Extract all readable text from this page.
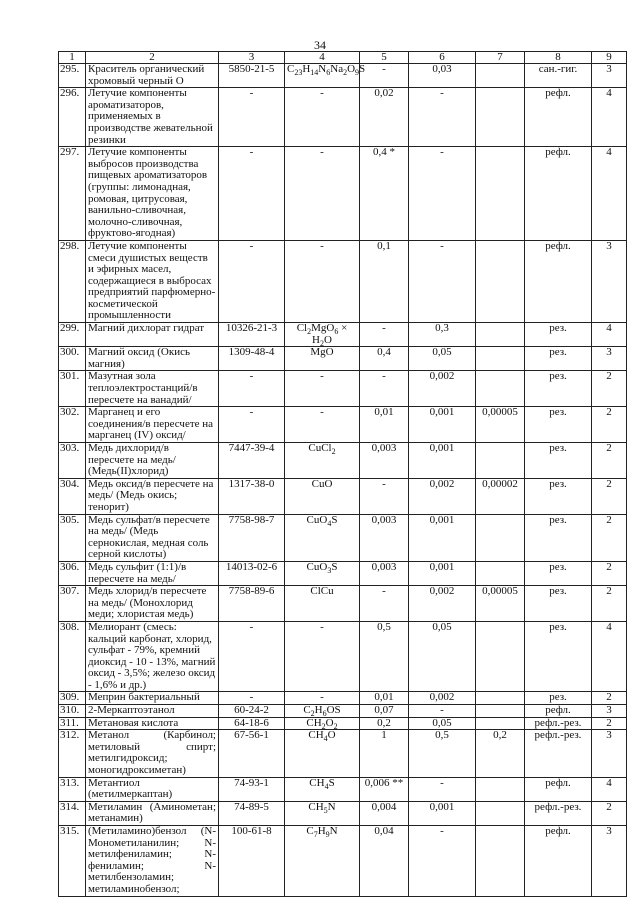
34
1	2	3	4	5	6	7	8	9
295.	Краситель органический хромовый черный О	5850-21-5	$C_{23}H_{14}N_6Na_2O_9S$	-	0,03		сан.-гиг.	3
296.	Летучие компоненты ароматизаторов, применяемых в производстве жевательной резинки	-	-	0,02	-		рефл.	4
297.	Летучие компоненты выбросов производства пищевых ароматизаторов (группы: лимонадная, ромовая, цитрусовая, ванильно-сливочная, молочно-сливочная, фруктово-ягодная)	-	-	0,4 *	-		рефл.	4
298.	Летучие компоненты смеси душистых веществ и эфирных масел, содержащиеся в выбросах предприятий парфюмерно-косметической промышленности	-	-	0,1	-		рефл.	3
299.	Магний дихлорат гидрат	10326-21-3	$Cl_2MgO_6 \times H_2O$	-	0,3		рез.	4
300.	Магний оксид (Окись магния)	1309-48-4	MgO	0,4	0,05		рез.	3
301.	Мазутная зола теплоэлектростанций/в пересчете на ванадий/	-	-	-	0,002		рез.	2
302.	Марганец и его соединения/в пересчете на марганец (IV) оксид/	-	-	0,01	0,001	0,00005	рез.	2
303.	Медь дихлорид/в пересчете на медь/ (Медь(II)хлорид)	7447-39-4	CuCl$_2$	0,003	0,001		рез.	2
304.	Медь оксид/в пересчете на медь/ (Медь окись; тенорит)	1317-38-0	CuO	-	0,002	0,00002	рез.	2
305.	Медь сульфат/в пересчете на медь/ (Медь сернокислая, медная соль серной кислоты)	7758-98-7	CuO$_4$S	0,003	0,001		рез.	2
306.	Медь сульфит (1:1)/в пересчете на медь/	14013-02-6	CuO$_3$S	0,003	0,001		рез.	2
307.	Медь хлорид/в пересчете на медь/ (Монохлорид меди; хлористая медь)	7758-89-6	ClCu	-	0,002	0,00005	рез.	2
308.	Мелиорант (смесь: кальций карбонат, хлорид, сульфат - 79%, кремний диоксид - 10 - 13%, магний оксид - 3,5%; железо оксид - 1,6% и др.)	-	-	0,5	0,05		рез.	4
309.	Меприн бактериальный	-	-	0,01	0,002		рез.	2
310.	2-Меркаптоэтанол	60-24-2	$C_2H_6OS$	0,07	-		рефл.	3
311.	Метановая кислота	64-18-6	$CH_2O_2$	0,2	0,05		рефл.-рез.	2
312.	Метанол (Карбинол; метиловый спирт; метилгидроксид; моногидроксиметан)	67-56-1	$CH_4O$	1	0,5	0,2	рефл.-рез.	3
313.	Метантиол (метилмеркаптан)	74-93-1	$CH_4S$	0,006 **	-		рефл.	4
314.	Метиламин (Аминометан; метанамин)	74-89-5	$CH_5N$	0,004	0,001		рефл.-рез.	2
315.	(Метиламино)бензол (N-Монометиланилин; N-метилфениламин; N-фениламин; N-метилбензоламин; метиламинобензол;	100-61-8	$C_7H_9N$	0,04	-		рефл.	3
